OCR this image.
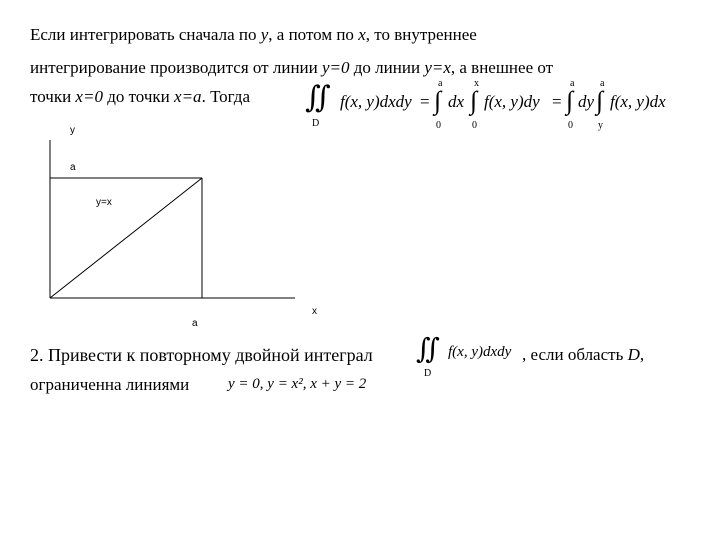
Если интегрировать сначала по y, а потом по x, то внутреннее
интегрирование производится от линии y=0 до линии y=x, а внешнее от
точки x=0 до точки x=a. Тогда ∬
D
f(x, y)dxdy =
a
∫
0
dx
x
∫
0
f(x, y)dy =
a
∫
0
dy
a
∫
y
f(x, y)dx
y
a
y=x
a
x
2. Привести к повторному двойной интеграл ∬
D
f(x, y)dxdy , если область D,
ограниченна линиями	y = 0, y = x², x + y = 2
